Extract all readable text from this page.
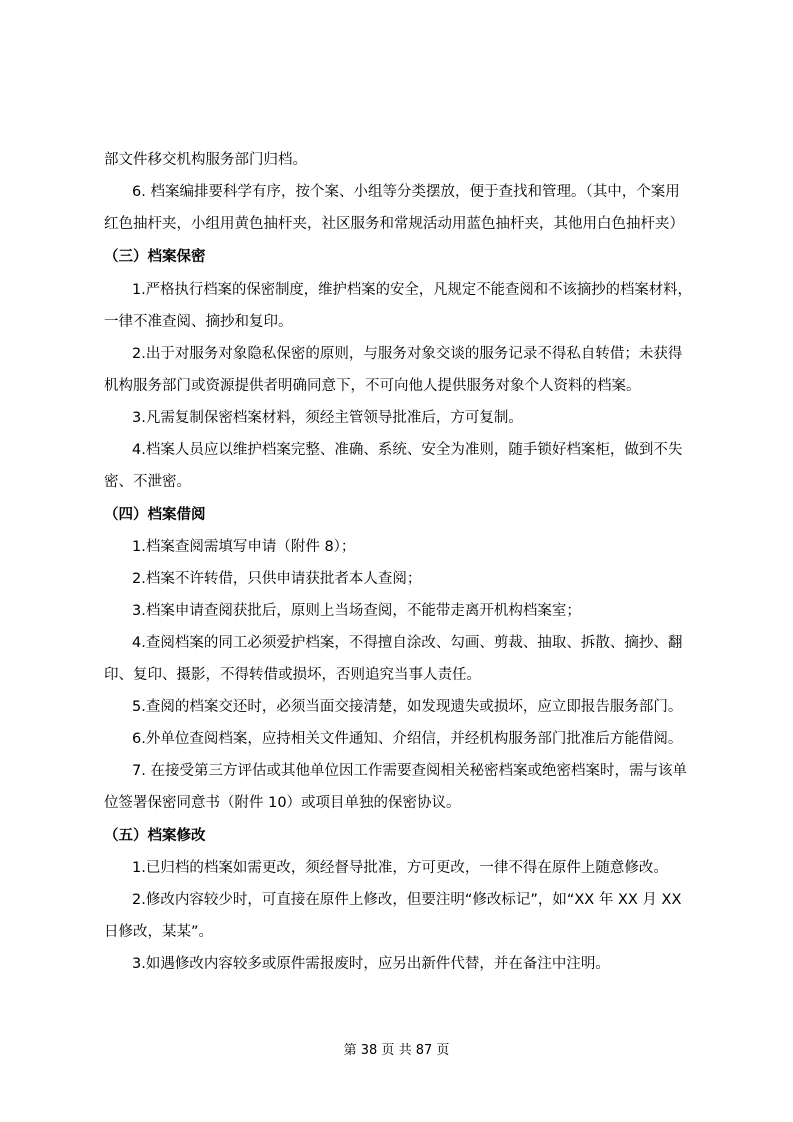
部文件移交机构服务部门归档。
6. 档案编排要科学有序，按个案、小组等分类摆放，便于查找和管理。（其中，个案用
红色抽杆夹，小组用黄色抽杆夹，社区服务和常规活动用蓝色抽杆夹，其他用白色抽杆夹）
（三）档案保密
1.严格执行档案的保密制度，维护档案的安全，凡规定不能查阅和不该摘抄的档案材料，
一律不准查阅、摘抄和复印。
2.出于对服务对象隐私保密的原则，与服务对象交谈的服务记录不得私自转借；未获得
机构服务部门或资源提供者明确同意下，不可向他人提供服务对象个人资料的档案。
3.凡需复制保密档案材料，须经主管领导批准后，方可复制。
4.档案人员应以维护档案完整、准确、系统、安全为准则，随手锁好档案柜，做到不失
密、不泄密。
（四）档案借阅
1.档案查阅需填写申请（附件 8）；
2.档案不许转借，只供申请获批者本人查阅；
3.档案申请查阅获批后，原则上当场查阅，不能带走离开机构档案室；
4.查阅档案的同工必须爱护档案，不得擅自涂改、勾画、剪裁、抽取、拆散、摘抄、翻
印、复印、摄影，不得转借或损坏，否则追究当事人责任。
5.查阅的档案交还时，必须当面交接清楚，如发现遗失或损坏，应立即报告服务部门。
6.外单位查阅档案，应持相关文件通知、介绍信，并经机构服务部门批准后方能借阅。
7. 在接受第三方评估或其他单位因工作需要查阅相关秘密档案或绝密档案时，需与该单
位签署保密同意书（附件 10）或项目单独的保密协议。
（五）档案修改
1.已归档的档案如需更改，须经督导批准，方可更改，一律不得在原件上随意修改。
2.修改内容较少时，可直接在原件上修改，但要注明“修改标记”，如“XX 年 XX 月 XX
日修改，某某”。
3.如遇修改内容较多或原件需报废时，应另出新件代替，并在备注中注明。
第 38 页 共 87 页
